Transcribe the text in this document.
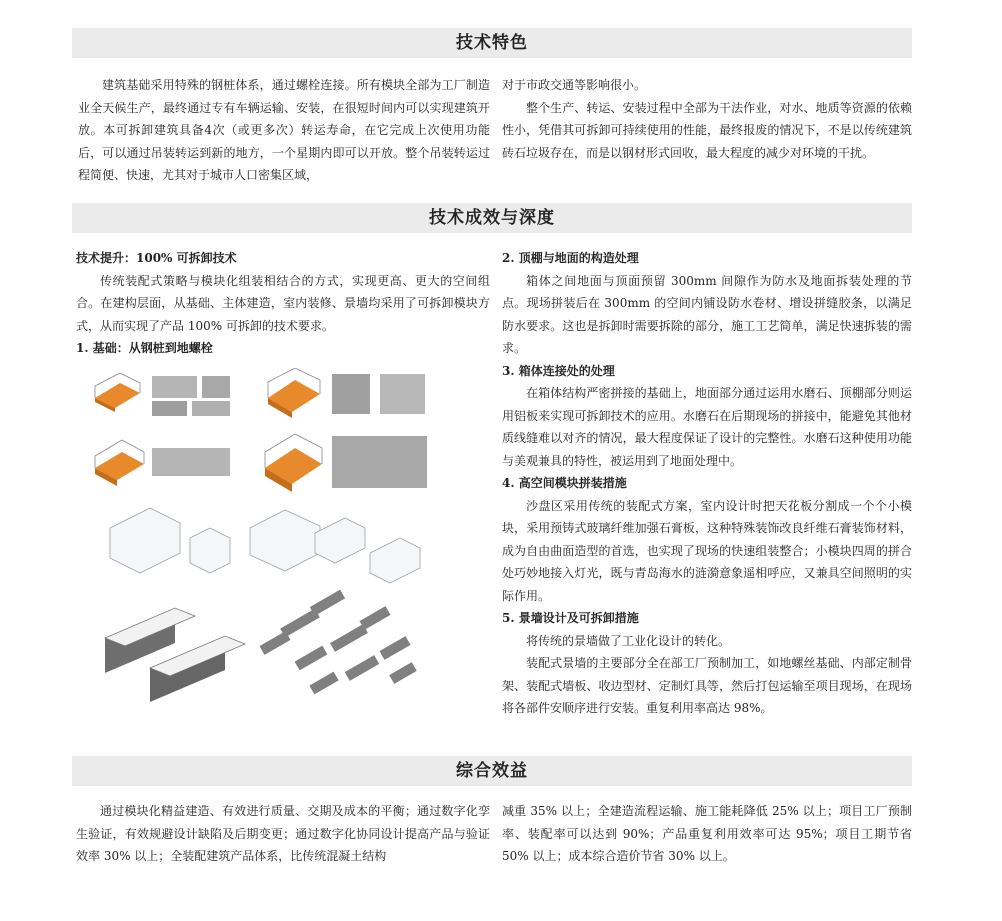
技术特色

建筑基础采用特殊的钢桩体系，通过螺栓连接。所有模块全部为工厂制造业全天候生产，最终通过专有车辆运输、安装，在很短时间内可以实现建筑开放。本可拆卸建筑具备4次（或更多次）转运寿命，在它完成上次使用功能后，可以通过吊装转运到新的地方，一个星期内即可以开放。整个吊装转运过程简便、快速，尤其对于城市人口密集区域，

对于市政交通等影响很小。

整个生产、转运、安装过程中全部为干法作业，对水、地质等资源的依赖性小，凭借其可拆卸可持续使用的性能，最终报废的情况下，不是以传统建筑砖石垃圾存在，而是以钢材形式回收，最大程度的减少对环境的干扰。

技术成效与深度

技术提升：100% 可拆卸技术

传统装配式策略与模块化组装相结合的方式，实现更高、更大的空间组合。在建构层面，从基础、主体建造，室内装修、景墙均采用了可拆卸模块方式，从而实现了产品 100% 可拆卸的技术要求。

1. 基础：从钢桩到地螺栓

2. 顶棚与地面的构造处理

箱体之间地面与顶面预留 300mm 间隙作为防水及地面拆装处理的节点。现场拼装后在 300mm 的空间内铺设防水卷材、增设拼缝胶条，以满足防水要求。这也是拆卸时需要拆除的部分，施工工艺简单，满足快速拆装的需求。

3. 箱体连接处的处理

在箱体结构严密拼接的基础上，地面部分通过运用水磨石、顶棚部分则运用铝板来实现可拆卸技术的应用。水磨石在后期现场的拼接中，能避免其他材质线缝难以对齐的情况，最大程度保证了设计的完整性。水磨石这种使用功能与美观兼具的特性，被运用到了地面处理中。

4. 高空间模块拼装措施

沙盘区采用传统的装配式方案，室内设计时把天花板分割成一个个小模块，采用预铸式玻璃纤维加强石膏板，这种特殊装饰改良纤维石膏装饰材料，成为自由曲面造型的首选，也实现了现场的快速组装整合；小模块四周的拼合处巧妙地接入灯光，既与青岛海水的涟漪意象遥相呼应，又兼具空间照明的实际作用。

5. 景墙设计及可拆卸措施

将传统的景墙做了工业化设计的转化。

装配式景墙的主要部分全在部工厂预制加工，如地螺丝基础、内部定制骨架、装配式墙板、收边型材、定制灯具等，然后打包运输至项目现场，在现场将各部件安顺序进行安装。重复利用率高达 98%。

综合效益

通过模块化精益建造、有效进行质量、交期及成本的平衡；通过数字化孪生验证，有效规避设计缺陷及后期变更；通过数字化协同设计提高产品与验证效率 30% 以上；全装配建筑产品体系，比传统混凝土结构

减重 35% 以上；全建造流程运输、施工能耗降低 25% 以上；项目工厂预制率、装配率可以达到 90%；产品重复利用效率可达 95%；项目工期节省 50% 以上；成本综合造价节省 30% 以上。
